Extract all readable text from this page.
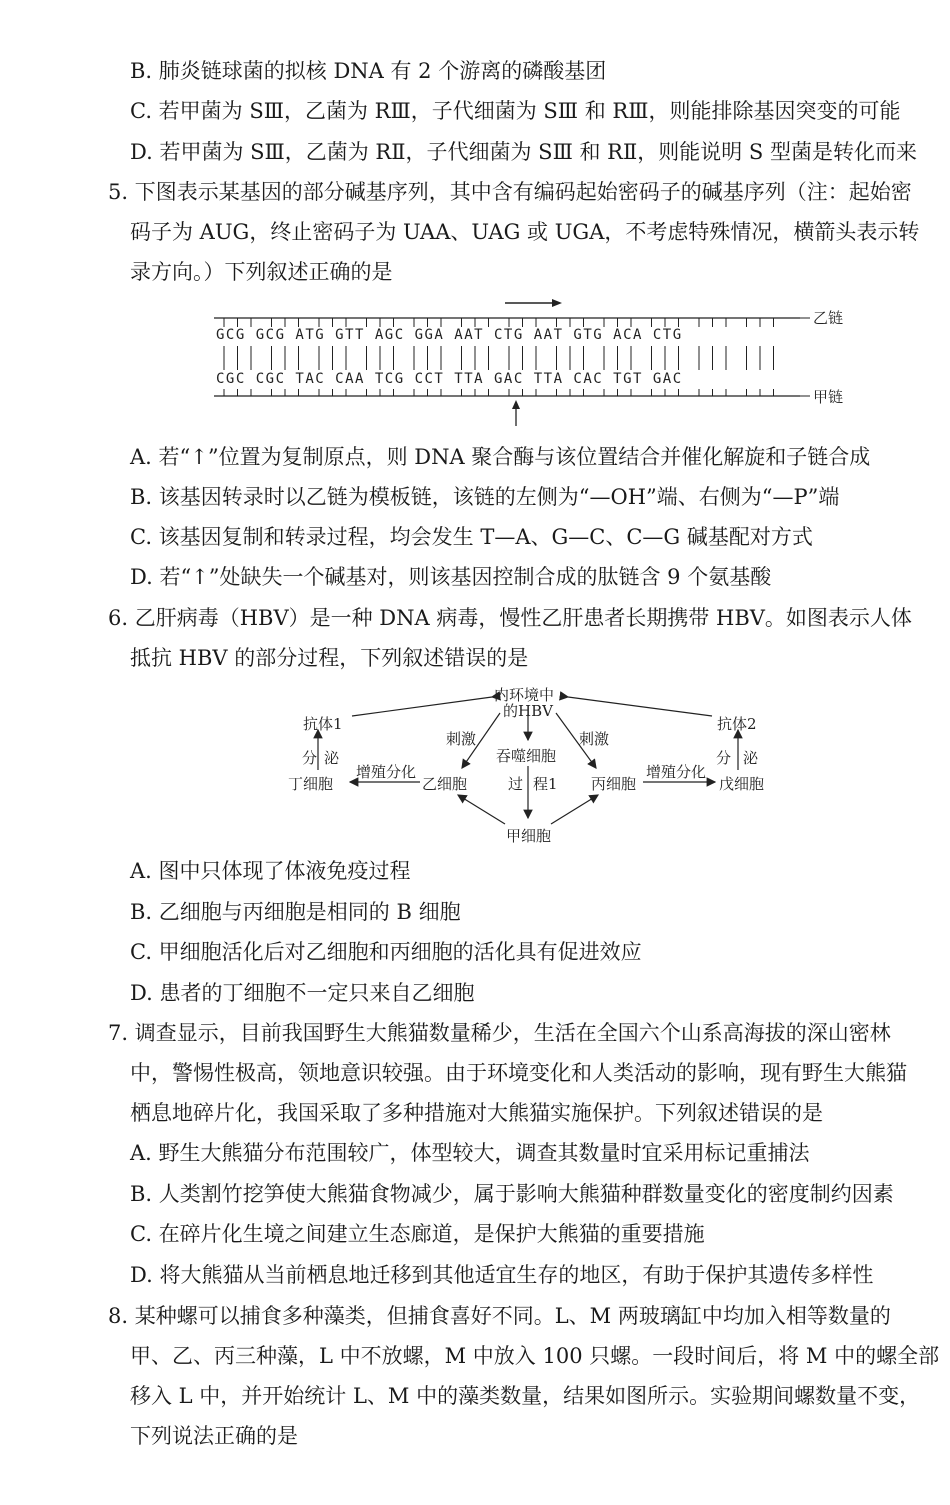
B. 肺炎链球菌的拟核 DNA 有 2 个游离的磷酸基团
C. 若甲菌为 SⅢ，乙菌为 RⅢ，子代细菌为 SⅢ 和 RⅢ，则能排除基因突变的可能
D. 若甲菌为 SⅢ，乙菌为 RⅡ，子代细菌为 SⅢ 和 RⅡ，则能说明 S 型菌是转化而来
5. 下图表示某基因的部分碱基序列，其中含有编码起始密码子的碱基序列（注：起始密
码子为 AUG，终止密码子为 UAA、UAG 或 UGA，不考虑特殊情况，横箭头表示转
录方向。）下列叙述正确的是
GCG GCG ATG GTT AGC GGA AAT CTG AAT GTG ACA CTG
CGC CGC TAC CAA TCG CCT TTA GAC TTA CAC TGT GAC
乙链
甲链
A. 若“↑”位置为复制原点，则 DNA 聚合酶与该位置结合并催化解旋和子链合成
B. 该基因转录时以乙链为模板链，该链的左侧为“—OH”端、右侧为“—P”端
C. 该基因复制和转录过程，均会发生 T—A、G—C、C—G 碱基配对方式
D. 若“↑”处缺失一个碱基对，则该基因控制合成的肽链含 9 个氨基酸
6. 乙肝病毒（HBV）是一种 DNA 病毒，慢性乙肝患者长期携带 HBV。如图表示人体
抵抗 HBV 的部分过程，下列叙述错误的是
内环境中
的HBV
抗体1	抗体2
分 泌	分 泌
刺激	刺激
吞噬细胞
增殖分化	增殖分化
丁细胞	乙细胞	丙细胞	戊细胞
过 程1
甲细胞
A. 图中只体现了体液免疫过程
B. 乙细胞与丙细胞是相同的 B 细胞
C. 甲细胞活化后对乙细胞和丙细胞的活化具有促进效应
D. 患者的丁细胞不一定只来自乙细胞
7. 调查显示，目前我国野生大熊猫数量稀少，生活在全国六个山系高海拔的深山密林
中，警惕性极高，领地意识较强。由于环境变化和人类活动的影响，现有野生大熊猫
栖息地碎片化，我国采取了多种措施对大熊猫实施保护。下列叙述错误的是
A. 野生大熊猫分布范围较广，体型较大，调查其数量时宜采用标记重捕法
B. 人类割竹挖笋使大熊猫食物减少，属于影响大熊猫种群数量变化的密度制约因素
C. 在碎片化生境之间建立生态廊道，是保护大熊猫的重要措施
D. 将大熊猫从当前栖息地迁移到其他适宜生存的地区，有助于保护其遗传多样性
8. 某种螺可以捕食多种藻类，但捕食喜好不同。L、M 两玻璃缸中均加入相等数量的
甲、乙、丙三种藻，L 中不放螺，M 中放入 100 只螺。一段时间后，将 M 中的螺全部
移入 L 中，并开始统计 L、M 中的藻类数量，结果如图所示。实验期间螺数量不变，
下列说法正确的是
